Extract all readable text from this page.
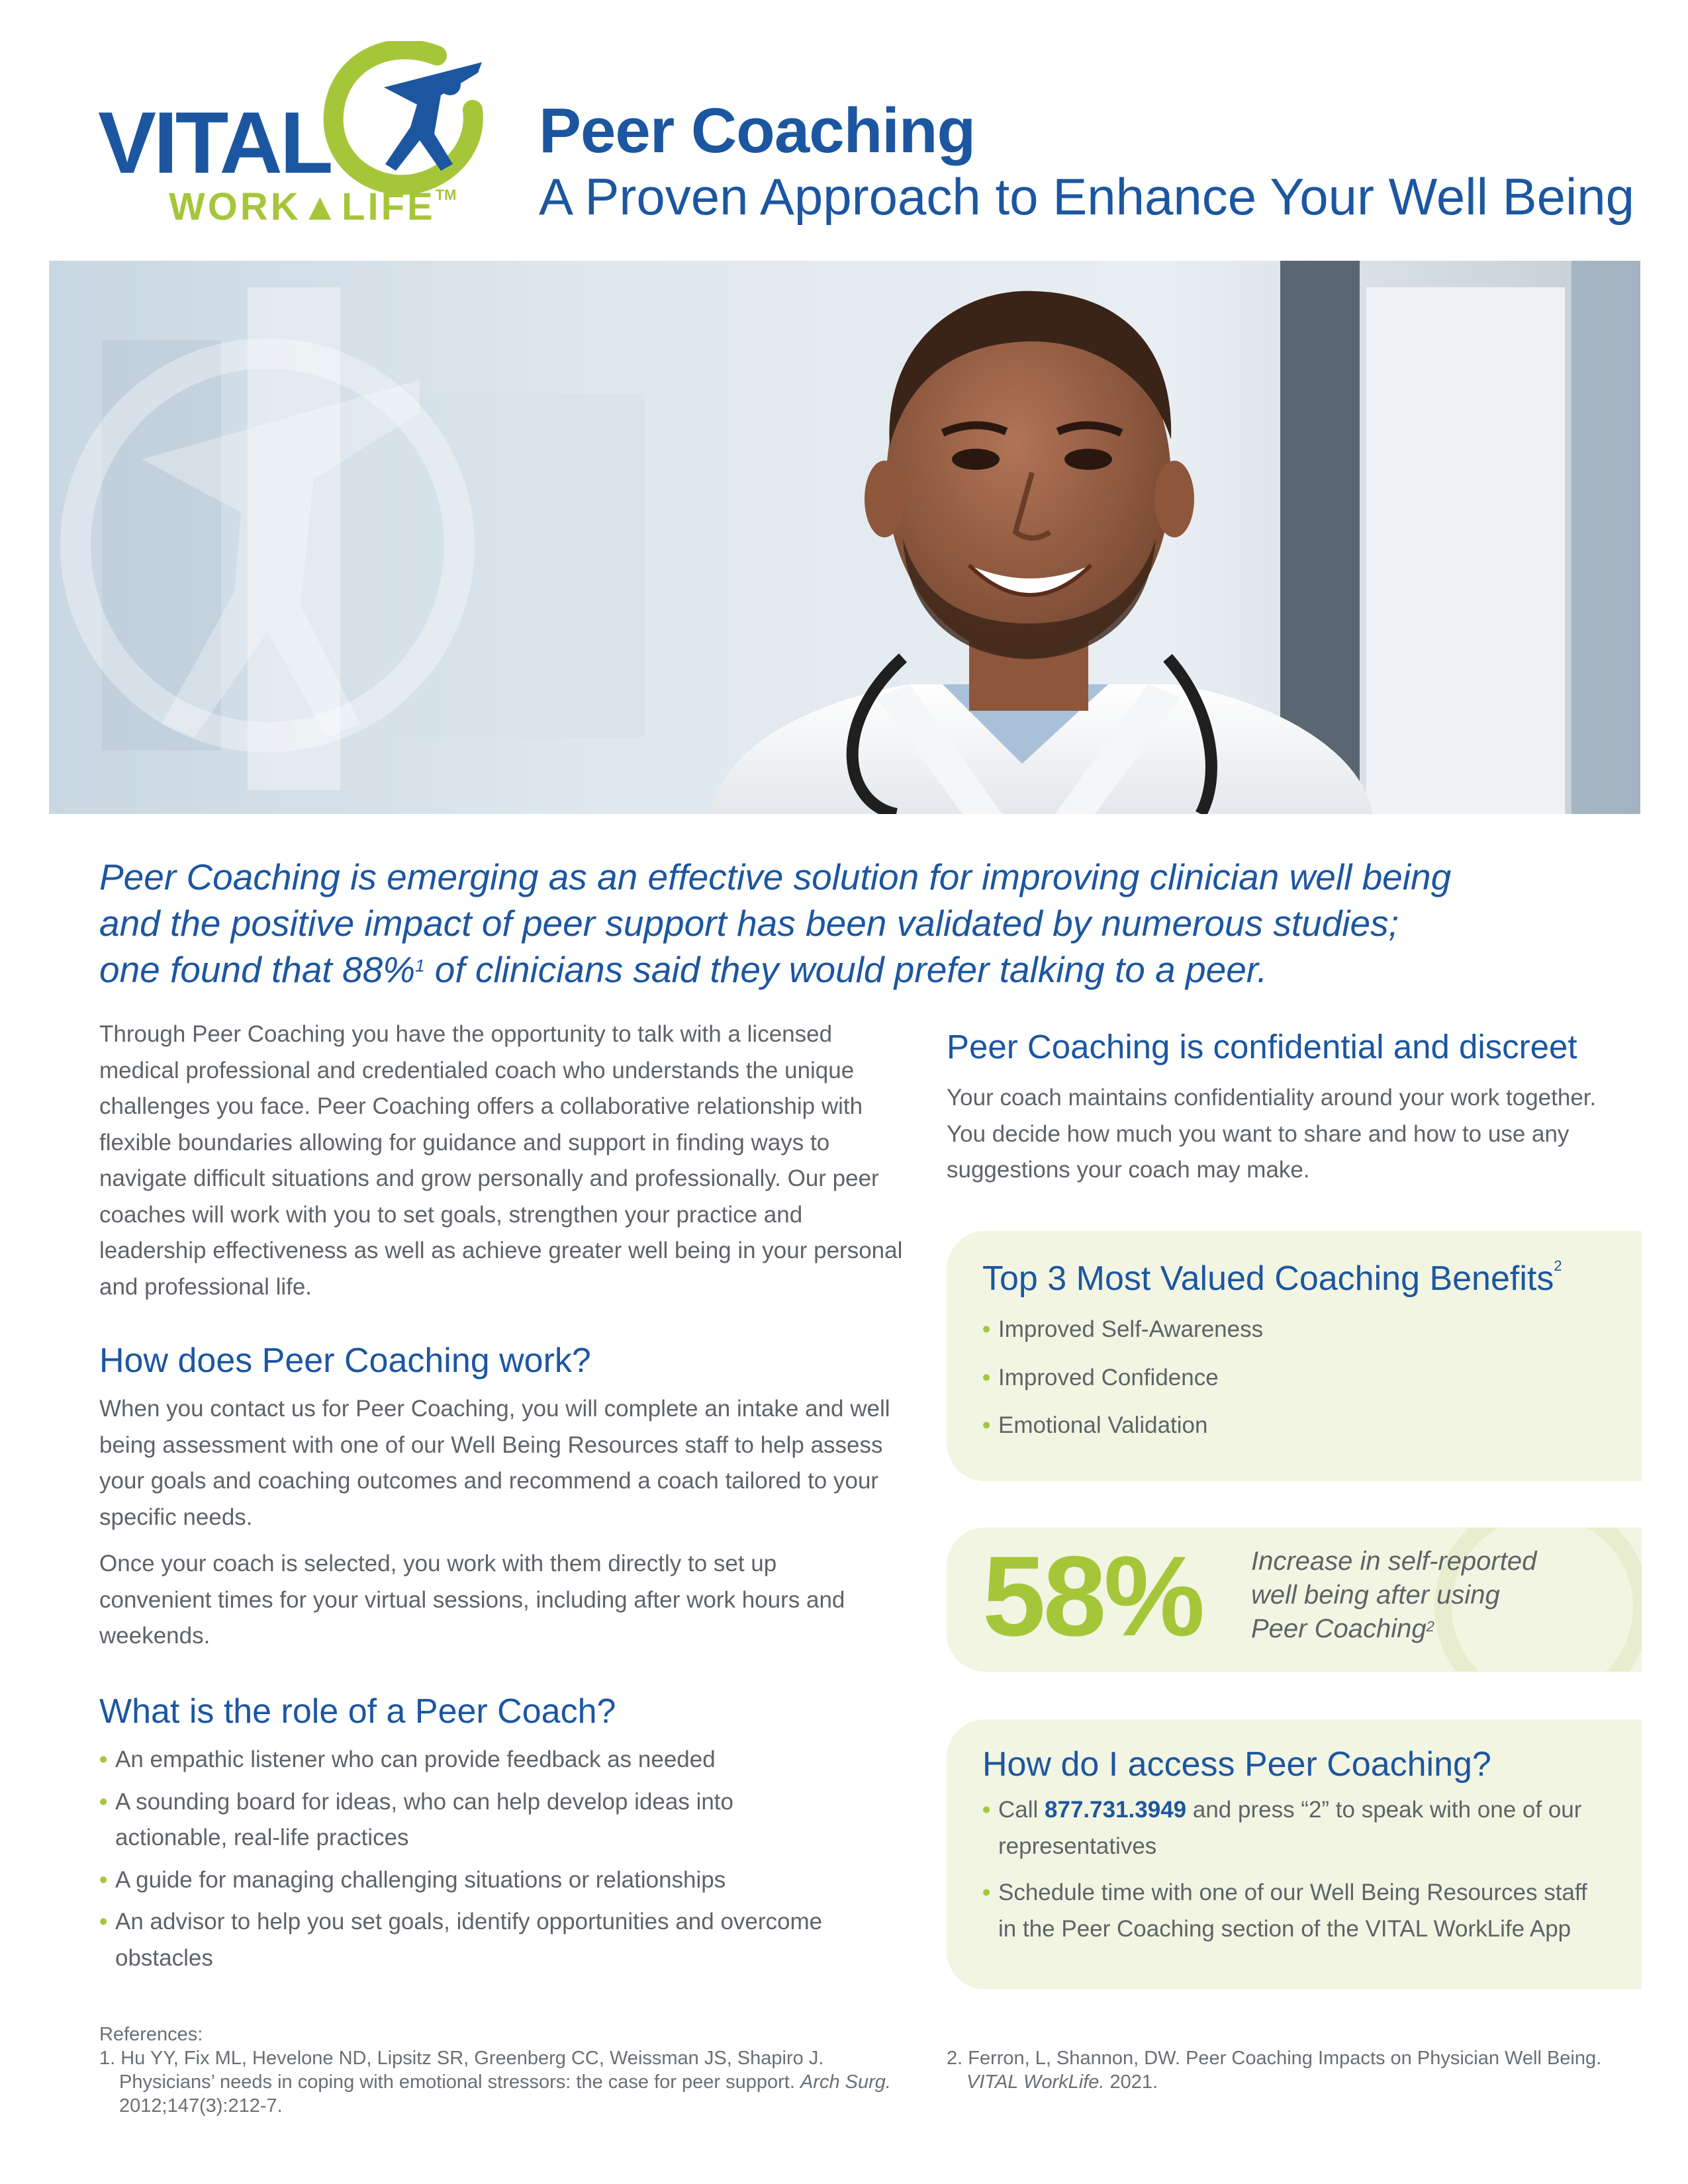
VITAL
WORK▲LIFE™
Peer Coaching
A Proven Approach to Enhance Your Well Being
Peer Coaching is emerging as an effective solution for improving clinician well being
and the positive impact of peer support has been validated by numerous studies;
one found that 88%$^1$ of clinicians said they would prefer talking to a peer.
Through Peer Coaching you have the opportunity to talk with a licensed medical professional and credentialed coach who understands the unique challenges you face. Peer Coaching offers a collaborative relationship with flexible boundaries allowing for guidance and support in finding ways to navigate difficult situations and grow personally and professionally. Our peer coaches will work with you to set goals, strengthen your practice and leadership effectiveness as well as achieve greater well being in your personal and professional life.
How does Peer Coaching work?
When you contact us for Peer Coaching, you will complete an intake and well being assessment with one of our Well Being Resources staff to help assess your goals and coaching outcomes and recommend a coach tailored to your specific needs.
Once your coach is selected, you work with them directly to set up convenient times for your virtual sessions, including after work hours and weekends.
What is the role of a Peer Coach?
• An empathic listener who can provide feedback as needed
• A sounding board for ideas, who can help develop ideas into actionable, real-life practices
• A guide for managing challenging situations or relationships
• An advisor to help you set goals, identify opportunities and overcome obstacles
Peer Coaching is confidential and discreet
Your coach maintains confidentiality around your work together. You decide how much you want to share and how to use any suggestions your coach may make.
Top 3 Most Valued Coaching Benefits$^2$
• Improved Self-Awareness
• Improved Confidence
• Emotional Validation
58% Increase in self-reported
well being after using
Peer Coaching$^2$
How do I access Peer Coaching?
• Call 877.731.3949 and press “2” to speak with one of our representatives
• Schedule time with one of our Well Being Resources staff in the Peer Coaching section of the VITAL WorkLife App
References:
1. Hu YY, Fix ML, Hevelone ND, Lipsitz SR, Greenberg CC, Weissman JS, Shapiro J. Physicians’ needs in coping with emotional stressors: the case for peer support. Arch Surg. 2012;147(3):212-7.
2. Ferron, L, Shannon, DW. Peer Coaching Impacts on Physician Well Being. VITAL WorkLife. 2021.
